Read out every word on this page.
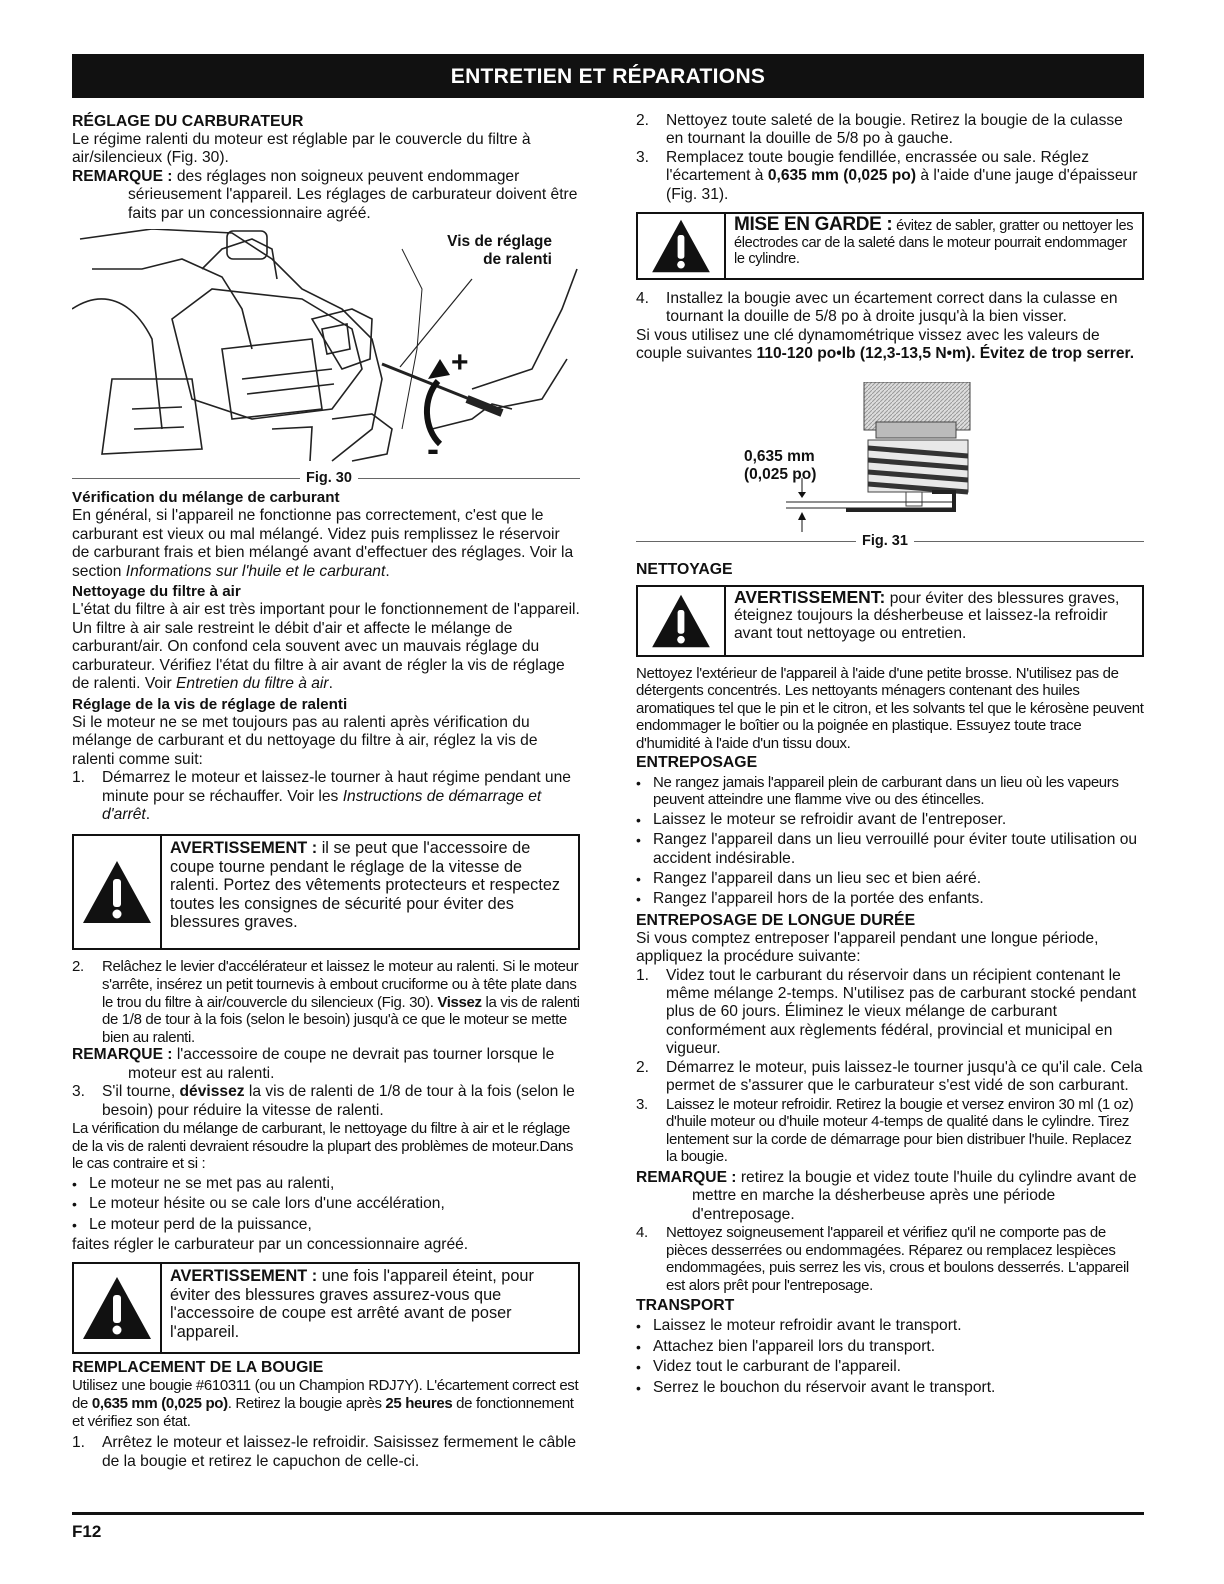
ENTRETIEN ET RÉPARATIONS

RÉGLAGE DU CARBURATEUR

Le régime ralenti du moteur est réglable par le couvercle du filtre à air/silencieux (Fig. 30).

REMARQUE : des réglages non soigneux peuvent endommager sérieusement l'appareil. Les réglages de carburateur doivent être faits par un concessionnaire agréé.

+
-
Vis de réglage
de ralenti
Fig. 30

Vérification du mélange de carburant

En général, si l'appareil ne fonctionne pas correctement, c'est que le carburant est vieux ou mal mélangé. Videz puis remplissez le réservoir de carburant frais et bien mélangé avant d'effectuer des réglages. Voir la section Informations sur l'huile et le carburant.

Nettoyage du filtre à air

L'état du filtre à air est très important pour le fonctionnement de l'appareil. Un filtre à air sale restreint le débit d'air et affecte le mélange de carburant/air. On confond cela souvent avec un mauvais réglage du carburateur. Vérifiez l'état du filtre à air avant de régler la vis de réglage de ralenti. Voir Entretien du filtre à air.

Réglage de la vis de réglage de ralenti

Si le moteur ne se met toujours pas au ralenti après vérification du mélange de carburant et du nettoyage du filtre à air, réglez la vis de ralenti comme suit:

1.	Démarrez le moteur et laissez-le tourner à haut régime pendant une minute pour se réchauffer. Voir les Instructions de démarrage et d'arrêt.
AVERTISSEMENT : il se peut que l'accessoire de coupe tourne pendant le réglage de la vitesse de ralenti. Portez des vêtements protecteurs et respectez toutes les consignes de sécurité pour éviter des blessures graves.
2.	Relâchez le levier d'accélérateur et laissez le moteur au ralenti. Si le moteur s'arrête, insérez un petit tournevis à embout cruciforme ou à tête plate dans le trou du filtre à air/couvercle du silencieux (Fig. 30). Vissez la vis de ralenti de 1/8 de tour à la fois (selon le besoin) jusqu'à ce que le moteur se mette bien au ralenti.

REMARQUE : l'accessoire de coupe ne devrait pas tourner lorsque le moteur est au ralenti.

3.	S'il tourne, dévissez la vis de ralenti de 1/8 de tour à la fois (selon le besoin) pour réduire la vitesse de ralenti.

La vérification du mélange de carburant, le nettoyage du filtre à air et le réglage de la vis de ralenti devraient résoudre la plupart des problèmes de moteur.Dans le cas contraire et si :

• Le moteur ne se met pas au ralenti,
• Le moteur hésite ou se cale lors d'une accélération,
• Le moteur perd de la puissance,

faites régler le carburateur par un concessionnaire agréé.

AVERTISSEMENT : une fois l'appareil éteint, pour éviter des blessures graves assurez-vous que l'accessoire de coupe est arrêté avant de poser l'appareil.

REMPLACEMENT DE LA BOUGIE

Utilisez une bougie #610311 (ou un Champion RDJ7Y). L'écartement correct est de 0,635 mm (0,025 po). Retirez la bougie après 25 heures de fonctionnement et vérifiez son état.

1.	Arrêtez le moteur et laissez-le refroidir. Saisissez fermement le câble de la bougie et retirez le capuchon de celle-ci.
2.	Nettoyez toute saleté de la bougie. Retirez la bougie de la culasse en tournant la douille de 5/8 po à gauche.
3.	Remplacez toute bougie fendillée, encrassée ou sale. Réglez l'écartement à 0,635 mm (0,025 po) à l'aide d'une jauge d'épaisseur (Fig. 31).
MISE EN GARDE : évitez de sabler, gratter ou nettoyer les électrodes car de la saleté dans le moteur pourrait endommager le cylindre.
4.	Installez la bougie avec un écartement correct dans la culasse en tournant la douille de 5/8 po à droite jusqu'à la bien visser.

Si vous utilisez une clé dynamométrique vissez avec les valeurs de couple suivantes 110-120 po•lb (12,3-13,5 N•m). Évitez de trop serrer.

0,635 mm
(0,025 po)
Fig. 31

NETTOYAGE

AVERTISSEMENT: pour éviter des blessures graves, éteignez toujours la désherbeuse et laissez-la refroidir avant tout nettoyage ou entretien.

Nettoyez l'extérieur de l'appareil à l'aide d'une petite brosse. N'utilisez pas de détergents concentrés. Les nettoyants ménagers contenant des huiles aromatiques tel que le pin et le citron, et les solvants tel que le kérosène peuvent endommager le boîtier ou la poignée en plastique. Essuyez toute trace d'humidité à l'aide d'un tissu doux.

ENTREPOSAGE

• Ne rangez jamais l'appareil plein de carburant dans un lieu où les vapeurs peuvent atteindre une flamme vive ou des étincelles.
• Laissez le moteur se refroidir avant de l'entreposer.
• Rangez l'appareil dans un lieu verrouillé pour éviter toute utilisation ou accident indésirable.
• Rangez l'appareil dans un lieu sec et bien aéré.
• Rangez l'appareil hors de la portée des enfants.

ENTREPOSAGE DE LONGUE DURÉE

Si vous comptez entreposer l'appareil pendant une longue période, appliquez la procédure suivante:

1.	Videz tout le carburant du réservoir dans un récipient contenant le même mélange 2-temps. N'utilisez pas de carburant stocké pendant plus de 60 jours. Éliminez le vieux mélange de carburant conformément aux règlements fédéral, provincial et municipal en vigueur.
2.	Démarrez le moteur, puis laissez-le tourner jusqu'à ce qu'il cale. Cela permet de s'assurer que le carburateur s'est vidé de son carburant.
3.	Laissez le moteur refroidir. Retirez la bougie et versez environ 30 ml (1 oz) d'huile moteur ou d'huile moteur 4-temps de qualité dans le cylindre. Tirez lentement sur la corde de démarrage pour bien distribuer l'huile. Replacez la bougie.

REMARQUE : retirez la bougie et videz toute l'huile du cylindre avant de mettre en marche la désherbeuse après une période d'entreposage.

4.	Nettoyez soigneusement l'appareil et vérifiez qu'il ne comporte pas de pièces desserrées ou endommagées. Réparez ou remplacez lespièces endommagées, puis serrez les vis, crous et boulons desserrés. L'appareil est alors prêt pour l'entreposage.

TRANSPORT

• Laissez le moteur refroidir avant le transport.
• Attachez bien l'appareil lors du transport.
• Videz tout le carburant de l'appareil.
• Serrez le bouchon du réservoir avant le transport.
F12
